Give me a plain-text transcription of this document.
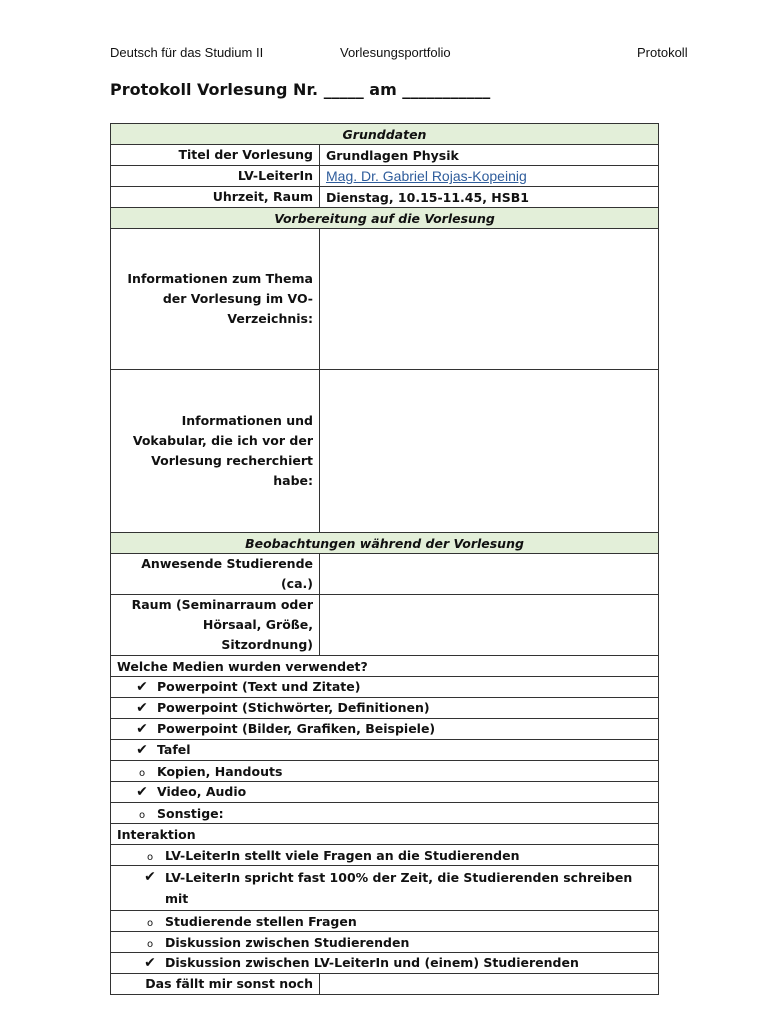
Deutsch für das Studium II	Vorlesungsportfolio	Protokoll
Protokoll Vorlesung Nr. _____ am ___________
Grunddaten	
Titel der Vorlesung	Grundlagen Physik
LV-LeiterIn	Mag. Dr. Gabriel Rojas-Kopeinig
Uhrzeit, Raum	Dienstag, 10.15-11.45, HSB1
Vorbereitung auf die Vorlesung	
Informationen zum Thema der Vorlesung im VO-Verzeichnis:	
Informationen und Vokabular, die ich vor der Vorlesung recherchiert habe:	
Beobachtungen während der Vorlesung	
Anwesende Studierende (ca.)	
Raum (Seminarraum oder Hörsaal, Größe, Sitzordnung)	
Welche Medien wurden verwendet?	
✔ Powerpoint (Text und Zitate)	
✔ Powerpoint (Stichwörter, Definitionen)	
✔ Powerpoint (Bilder, Grafiken, Beispiele)	
✔ Tafel	
o Kopien, Handouts	
✔ Video, Audio	
o Sonstige:	
Interaktion	
o LV-LeiterIn stellt viele Fragen an die Studierenden	

✔ LV-LeiterIn spricht fast 100% der Zeit, die Studierenden schreiben mit	

o Studierende stellen Fragen	
o Diskussion zwischen Studierenden	
✔ Diskussion zwischen LV-LeiterIn und (einem) Studierenden	
Das fällt mir sonst noch	
